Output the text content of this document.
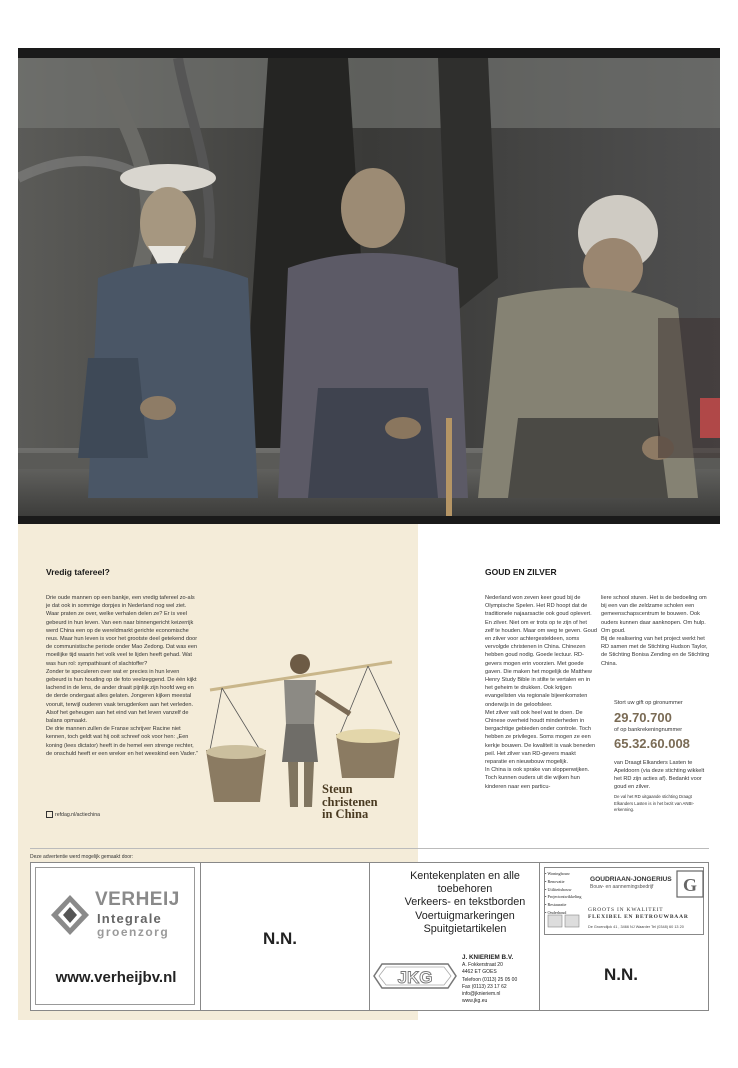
Vredig tafereel?

Drie oude mannen op een bankje, een vredig tafereel zo-als je dat ook in sommige dorpjes in Nederland nog wel ziet. Waar praten ze over, welke verhalen delen ze? Er is veel gebeurd in hun leven. Van een naar binnengericht keizerrijk werd China een op de wereldmarkt gerichte economische reus. Maar hun leven is voor het grootste deel getekend door de communistische periode onder Mao Zedong. Dat was een moeilijke tijd waarin het volk veel te lijden heeft gehad. Wat was hun rol: sympathisant of slachtoffer?

Zonder te speculeren over wat er precies in hun leven gebeurd is hun houding op de foto veelzeggend. De één kijkt lachend in de lens, de ander draait pijnlijk zijn hoofd weg en de derde ondergaat alles gelaten. Jongeren kijken meestal vooruit, terwijl ouderen vaak terugdenken aan het verleden. Alsof het geheugen aan het eind van het leven vanzelf de balans opmaakt.

De drie mannen zullen de Franse schrijver Racine niet kennen, toch geldt wat hij ooit schreef ook voor hen: „Een koning (lees dictator) heeft in de hemel een strenge rechter, de onschuld heeft er een wreker en het weeskind een Vader.”

refdag.nl/actiechina
Steun
christenen
in China
GOUD EN ZILVER

Nederland won zeven keer goud bij de Olympische Spelen. Het RD hoopt dat de traditionele najaarsactie ook goud oplevert. En zilver. Niet om er trots op te zijn of het zelf te houden. Maar om weg te geven. Goud en zilver voor achtergesteldeen, soms vervolgde christenen in China. Chinezen hebben goud nodig. Goede lectuur. RD-gevers mogen erin voorzien. Met goede gaven. Die maken het mogelijk de Matthew Henry Study Bible in stilte te vertalen en in het geheim te drukken. Ook krijgen evangelisten via regionale bijeenkomsten onderwijs in de geloofsleer.

Met zilver valt ook heel wat te doen. De Chinese overheid houdt minderheden in bergachtige gebieden onder controle. Toch hebben ze privileges. Soms mogen ze een kerkje bouwen. De kwaliteit is vaak beneden peil. Het zilver van RD-gevers maakt reparatie en nieuwbouw mogelijk.

In China is ook sprake van sloppenwijken. Toch kunnen ouders uit die wijken hun kinderen naar een particu-

liere school sturen. Het is de bedoeling om bij een van die zeldzame scholen een gemeenschapscentrum te bouwen. Ook ouders kunnen daar aanknopen. Om hulp. Om goud.

Bij de realisering van het project werkt het RD samen met de Stichting Hudson Taylor, de Stichting Bonisa Zending en de Stichting China.

Stort uw gift op gironummer
29.70.700
of op bankrekeningnummer
65.32.60.008
van Draagt Elkanders Lasten te Apeldoorn (via deze stichting wikkelt het RD zijn acties af). Bedankt voor goud en zilver.
De val het RD uitgaande stichting Draagt Elkanders Lasten is in het bezit van ANBI-erkenning.
Deze advertentie werd mogelijk gemaakt door:
VERHEIJ
Integrale
groenzorg
www.verheijbv.nl
N.N.
N.N.
Kentekenplaten en alle
toebehoren
Verkeers- en tekstborden
Voertuigmarkeringen
Spuitgietartikelen
JKG
J. KNIERIEM B.V.
A. Fokkerstraat 20
4462 ET GOES
Telefoon (0113) 25 05 00
Fax (0113) 23 17 62
info@jknieriem.nl
www.jkg.eu
• Woningbouw
• Renovatie
• Utiliteitsbouw
• Projectontwikkeling
• Restauratie
• Onderhoud
GOUDRIAAN-JONGERIUS
Bouw- en aannemingsbedrijf G
GROOTS IN KWALITEIT
FLEXIBEL EN BETROUWBAAR
De Groendijck 41 , 3466 NJ Waarder Tel (0348) 60 13 20
